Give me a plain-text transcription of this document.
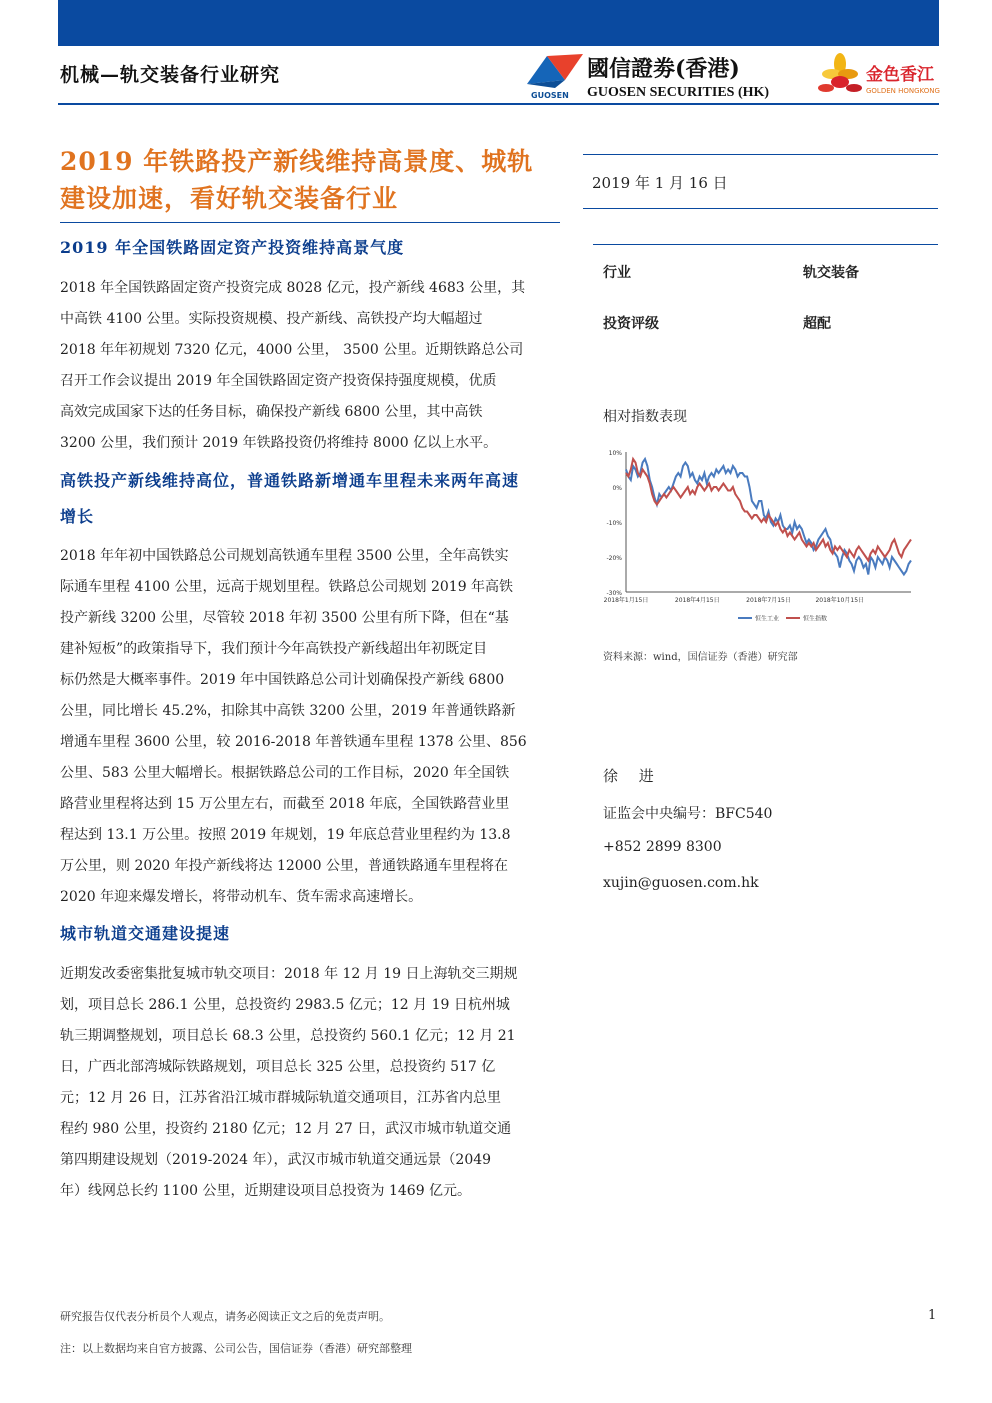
机械—轨交装备行业研究
GUOSEN
國信證劵(香港)
GUOSEN SECURITIES (HK)
金色香江
GOLDEN HONGKONG
2019 年铁路投产新线维持高景度、城轨
建设加速，看好轨交装备行业
2019 年全国铁路固定资产投资维持高景气度
2018 年全国铁路固定资产投资完成 8028 亿元，投产新线 4683 公里，其
中高铁 4100 公里。实际投资规模、投产新线、高铁投产均大幅超过
2018 年年初规划 7320 亿元，4000 公里， 3500 公里。近期铁路总公司
召开工作会议提出 2019 年全国铁路固定资产投资保持强度规模，优质
高效完成国家下达的任务目标，确保投产新线 6800 公里，其中高铁
3200 公里，我们预计 2019 年铁路投资仍将维持 8000 亿以上水平。
高铁投产新线维持高位，普通铁路新增通车里程未来两年高速
增长
2018 年年初中国铁路总公司规划高铁通车里程 3500 公里，全年高铁实
际通车里程 4100 公里，远高于规划里程。铁路总公司规划 2019 年高铁
投产新线 3200 公里，尽管较 2018 年初 3500 公里有所下降，但在“基
建补短板”的政策指导下，我们预计今年高铁投产新线超出年初既定目
标仍然是大概率事件。2019 年中国铁路总公司计划确保投产新线 6800
公里，同比增长 45.2%，扣除其中高铁 3200 公里，2019 年普通铁路新
增通车里程 3600 公里，较 2016-2018 年普铁通车里程 1378 公里、856
公里、583 公里大幅增长。根据铁路总公司的工作目标，2020 年全国铁
路营业里程将达到 15 万公里左右，而截至 2018 年底，全国铁路营业里
程达到 13.1 万公里。按照 2019 年规划，19 年底总营业里程约为 13.8
万公里，则 2020 年投产新线将达 12000 公里，普通铁路通车里程将在
2020 年迎来爆发增长，将带动机车、货车需求高速增长。
城市轨道交通建设提速
近期发改委密集批复城市轨交项目：2018 年 12 月 19 日上海轨交三期规
划，项目总长 286.1 公里，总投资约 2983.5 亿元；12 月 19 日杭州城
轨三期调整规划，项目总长 68.3 公里，总投资约 560.1 亿元；12 月 21
日，广西北部湾城际铁路规划，项目总长 325 公里，总投资约 517 亿
元；12 月 26 日，江苏省沿江城市群城际轨道交通项目，江苏省内总里
程约 980 公里，投资约 2180 亿元；12 月 27 日，武汉市城市轨道交通
第四期建设规划（2019-2024 年），武汉市城市轨道交通远景（2049
年）线网总长约 1100 公里，近期建设项目总投资为 1469 亿元。
2019 年 1 月 16 日
行业	轨交装备
投资评级	超配
相对指数表现
10%
0%
-10%
-20%
-30%
2018年1月15日	2018年4月15日	2018年7月15日	2018年10月15日
恒生工业	恒生指数
资料来源：wind，国信证券（香港）研究部
徐 进
证监会中央编号：BFC540
+852 2899 8300
xujin@guosen.com.hk
研究报告仅代表分析员个人观点，请务必阅读正文之后的免责声明。
注：以上数据均来自官方披露、公司公告，国信证券（香港）研究部整理
1
